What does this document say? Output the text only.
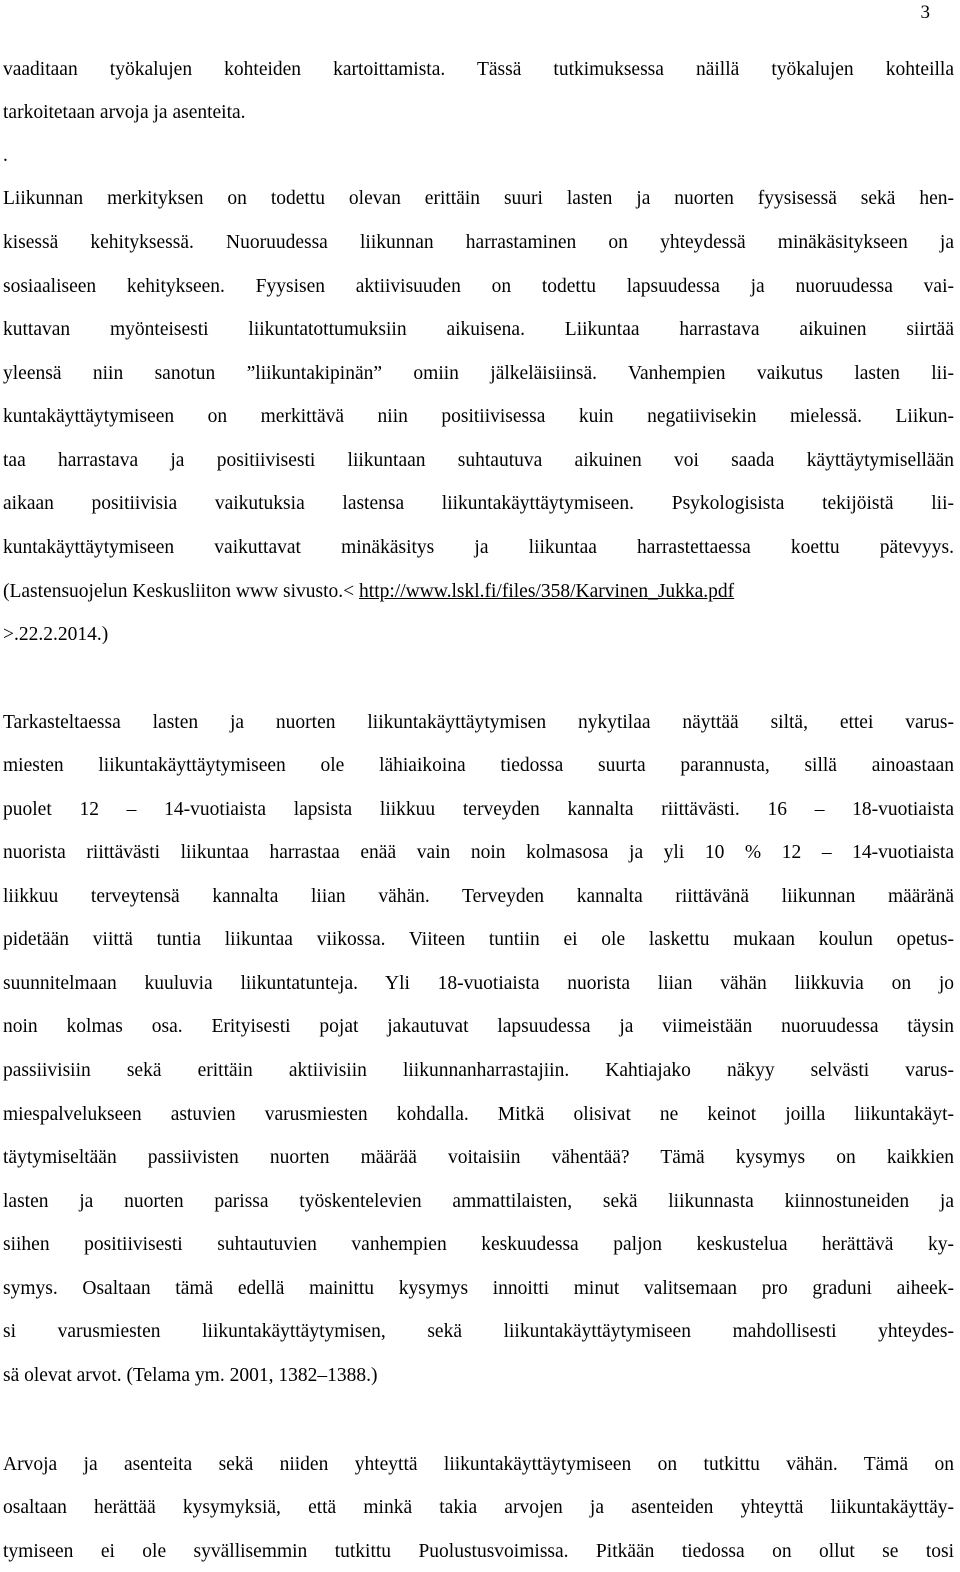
3
vaaditaan työkalujen kohteiden kartoittamista. Tässä tutkimuksessa näillä työkalujen kohteilla
tarkoitetaan arvoja ja asenteita.
.
Liikunnan merkityksen on todettu olevan erittäin suuri lasten ja nuorten fyysisessä sekä hen-
kisessä kehityksessä. Nuoruudessa liikunnan harrastaminen on yhteydessä minäkäsitykseen ja
sosiaaliseen kehitykseen. Fyysisen aktiivisuuden on todettu lapsuudessa ja nuoruudessa vai-
kuttavan myönteisesti liikuntatottumuksiin aikuisena. Liikuntaa harrastava aikuinen siirtää
yleensä niin sanotun ”liikuntakipinän” omiin jälkeläisiinsä. Vanhempien vaikutus lasten lii-
kuntakäyttäytymiseen on merkittävä niin positiivisessa kuin negatiivisekin mielessä. Liikun-
taa harrastava ja positiivisesti liikuntaan suhtautuva aikuinen voi saada käyttäytymisellään
aikaan positiivisia vaikutuksia lastensa liikuntakäyttäytymiseen. Psykologisista tekijöistä lii-
kuntakäyttäytymiseen vaikuttavat minäkäsitys ja liikuntaa harrastettaessa koettu pätevyys.
(Lastensuojelun Keskusliiton www sivusto.< http://www.lskl.fi/files/358/Karvinen_Jukka.pdf
>.22.2.2014.)
Tarkasteltaessa lasten ja nuorten liikuntakäyttäytymisen nykytilaa näyttää siltä, ettei varus-
miesten liikuntakäyttäytymiseen ole lähiaikoina tiedossa suurta parannusta, sillä ainoastaan
puolet 12 – 14-vuotiaista lapsista liikkuu terveyden kannalta riittävästi. 16 – 18-vuotiaista
nuorista riittävästi liikuntaa harrastaa enää vain noin kolmasosa ja yli 10 % 12 – 14-vuotiaista
liikkuu terveytensä kannalta liian vähän. Terveyden kannalta riittävänä liikunnan määränä
pidetään viittä tuntia liikuntaa viikossa. Viiteen tuntiin ei ole laskettu mukaan koulun opetus-
suunnitelmaan kuuluvia liikuntatunteja. Yli 18-vuotiaista nuorista liian vähän liikkuvia on jo
noin kolmas osa. Erityisesti pojat jakautuvat lapsuudessa ja viimeistään nuoruudessa täysin
passiivisiin sekä erittäin aktiivisiin liikunnanharrastajiin. Kahtiajako näkyy selvästi varus-
miespalvelukseen astuvien varusmiesten kohdalla. Mitkä olisivat ne keinot joilla liikuntakäyt-
täytymiseltään passiivisten nuorten määrää voitaisiin vähentää? Tämä kysymys on kaikkien
lasten ja nuorten parissa työskentelevien ammattilaisten, sekä liikunnasta kiinnostuneiden ja
siihen positiivisesti suhtautuvien vanhempien keskuudessa paljon keskustelua herättävä ky-
symys. Osaltaan tämä edellä mainittu kysymys innoitti minut valitsemaan pro graduni aiheek-
si varusmiesten liikuntakäyttäytymisen, sekä liikuntakäyttäytymiseen mahdollisesti yhteydes-
sä olevat arvot. (Telama ym. 2001, 1382–1388.)
Arvoja ja asenteita sekä niiden yhteyttä liikuntakäyttäytymiseen on tutkittu vähän. Tämä on
osaltaan herättää kysymyksiä, että minkä takia arvojen ja asenteiden yhteyttä liikuntakäyttäy-
tymiseen ei ole syvällisemmin tutkittu Puolustusvoimissa. Pitkään tiedossa on ollut se tosi
